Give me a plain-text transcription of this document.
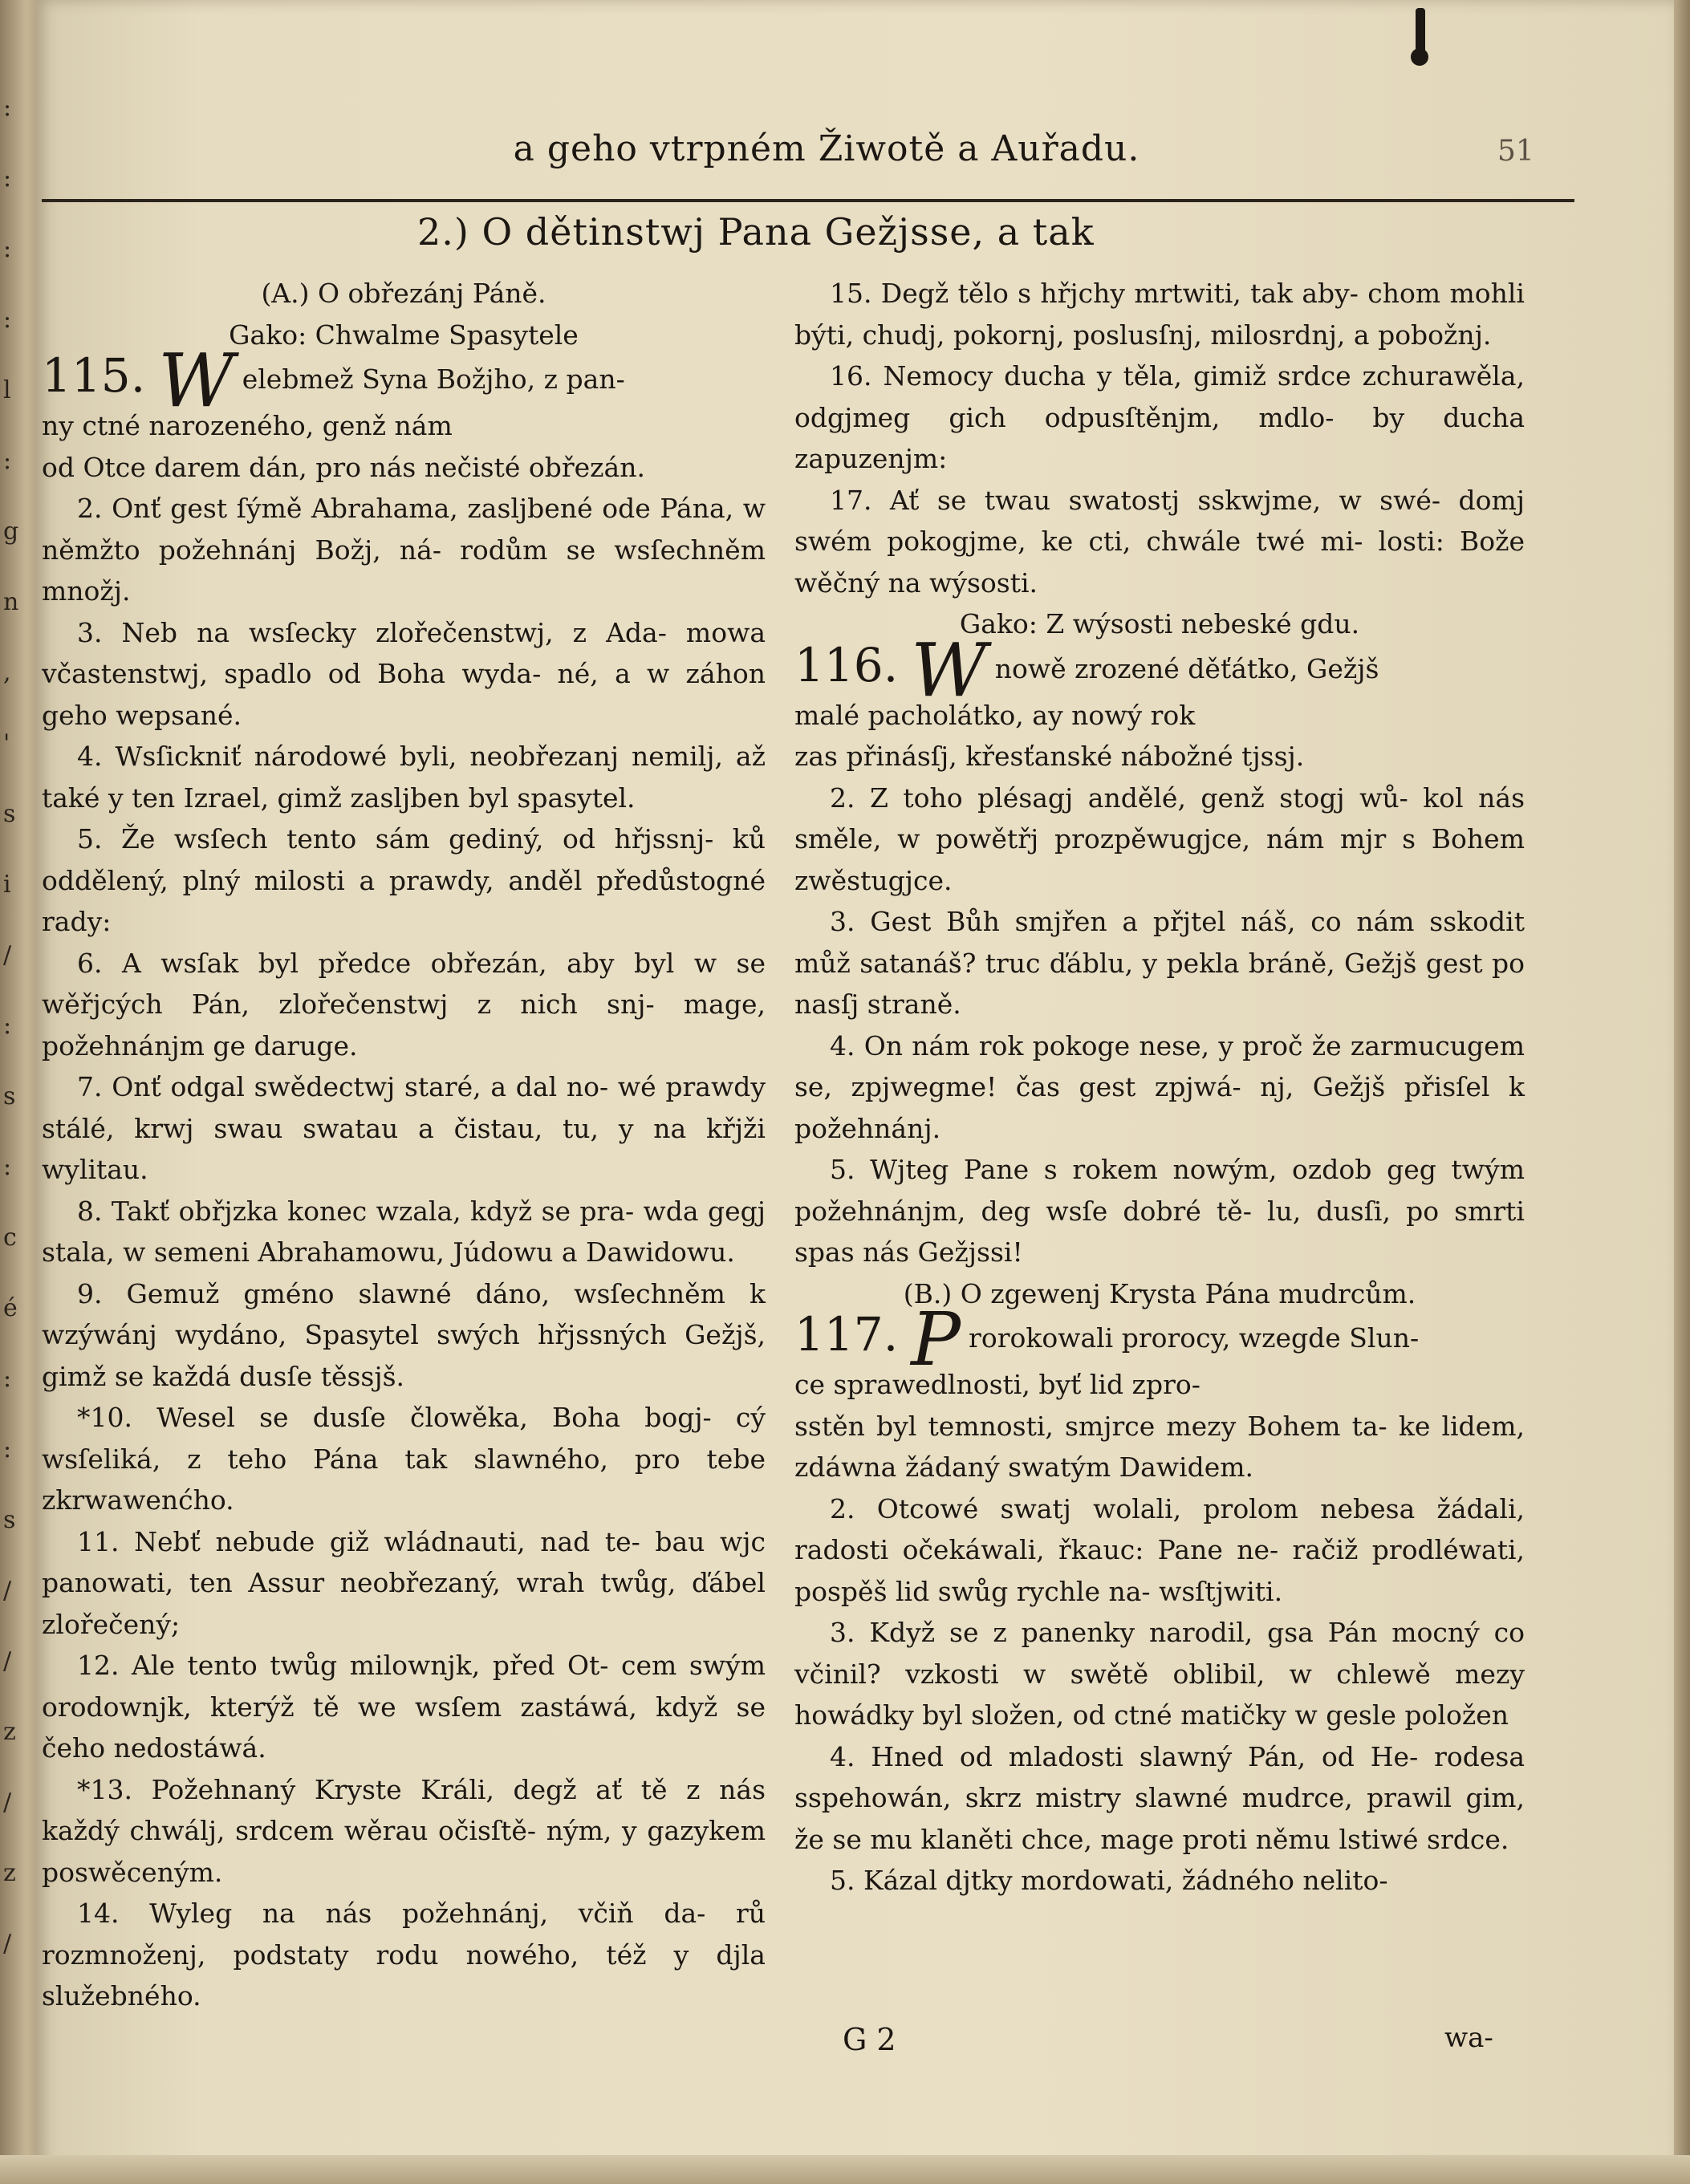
:
:
:
:
l
:
g
n
,
'
s
i
/
:
s
:
c
é
:
:
s
/
/
z
/
z
/
a geho vtrpném Žiwotě a Auřadu.	51
2.) O dětinstwj Pana Gežjsse, a tak
(A.) O obřezánj Páně.
Gako: Chwalme Spasytele
115. W elebmež Syna Božjho, z pan-
ny ctné narozeného, genž nám
od Otce darem dán, pro nás nečisté obřezán.
2. Onť gest ſýmě Abrahama, zasljbené ode Pána, w němžto požehnánj Božj, ná- rodům se wsſechněm množj.
3. Neb na wsſecky zlořečenstwj, z Ada- mowa včastenstwj, spadlo od Boha wyda- né, a w záhon geho wepsané.
4. Wsſickniť národowé byli, neobřezanj nemilj, až také y ten Izrael, gimž zasljben byl spasytel.
5. Že wsſech tento sám gediný, od hřjssnj- ků oddělený, plný milosti a prawdy, anděl předůstogné rady:
6. A wsſak byl předce obřezán, aby byl w se wěřjcých Pán, zlořečenstwj z nich snj- mage, požehnánjm ge daruge.
7. Onť odgal swědectwj staré, a dal no- wé prawdy stálé, krwj swau swatau a čistau, tu, y na křjži wylitau.
8. Takť obřjzka konec wzala, když se pra- wda gegj stala, w semeni Abrahamowu, Júdowu a Dawidowu.
9. Gemuž gméno slawné dáno, wsſechněm k wzýwánj wydáno, Spasytel swých hřjssných Gežjš, gimž se každá dusſe těssjš.
*10. Wesel se dusſe člowěka, Boha bogj- cý wsſeliká, z teho Pána tak slawného, pro tebe zkrwawenćho.
11. Nebť nebude giž wládnauti, nad te- bau wjc panowati, ten Assur neobřezaný, wrah twůg, ďábel zlořečený;
12. Ale tento twůg milownjk, před Ot- cem swým orodownjk, kterýž tě we wsſem zastáwá, když se čeho nedostáwá.
*13. Požehnaný Kryste Králi, degž ať tě z nás každý chwálj, srdcem wěrau očisſtě- ným, y gazykem poswěceným.
14. Wyleg na nás požehnánj, včiň da- rů rozmnoženj, podstaty rodu nowého, též y djla služebného.
15. Degž tělo s hřjchy mrtwiti, tak aby- chom mohli býti, chudj, pokornj, poslusſnj, milosrdnj, a pobožnj.
16. Nemocy ducha y těla, gimiž srdce zchurawěla, odgjmeg gich odpusſtěnjm, mdlo- by ducha zapuzenjm:
17. Ať se twau swatostj sskwjme, w swé- domj swém pokogjme, ke cti, chwále twé mi- losti: Bože wěčný na wýsosti.
Gako: Z wýsosti nebeské gdu.
116. W nowě zrozené děťátko, Gežjš
malé pacholátko, ay nowý rok
zas přinásſj, křesťanské nábožné tjssj.
2. Z toho plésagj andělé, genž stogj wů- kol nás směle, w powětřj prozpěwugjce, nám mjr s Bohem zwěstugjce.
3. Gest Bůh smjřen a přjtel náš, co nám sskodit můž satanáš? truc ďáblu, y pekla bráně, Gežjš gest po nasſj straně.
4. On nám rok pokoge nese, y proč že zarmucugem se, zpjwegme! čas gest zpjwá- nj, Gežjš přisſel k požehnánj.
5. Wjteg Pane s rokem nowým, ozdob geg twým požehnánjm, deg wsſe dobré tě- lu, dusſi, po smrti spas nás Gežjssi!
(B.) O zgewenj Krysta Pána mudrcům.
117. P rorokowali prorocy, wzegde Slun-
ce sprawedlnosti, byť lid zpro-
sstěn byl temnosti, smjrce mezy Bohem ta- ke lidem, zdáwna žádaný swatým Dawidem.
2. Otcowé swatj wolali, prolom nebesa žádali, radosti očekáwali, řkauc: Pane ne- račiž prodléwati, pospěš lid swůg rychle na- wsſtjwiti.
3. Když se z panenky narodil, gsa Pán mocný co včinil? vzkosti w swětě oblibil, w chlewě mezy howádky byl složen, od ctné matičky w gesle položen
4. Hned od mladosti slawný Pán, od He- rodesa sspehowán, skrz mistry slawné mudrce, prawil gim, že se mu klaněti chce, mage proti němu lstiwé srdce.
5. Kázal djtky mordowati, žádného nelito-
G 2	wa-
